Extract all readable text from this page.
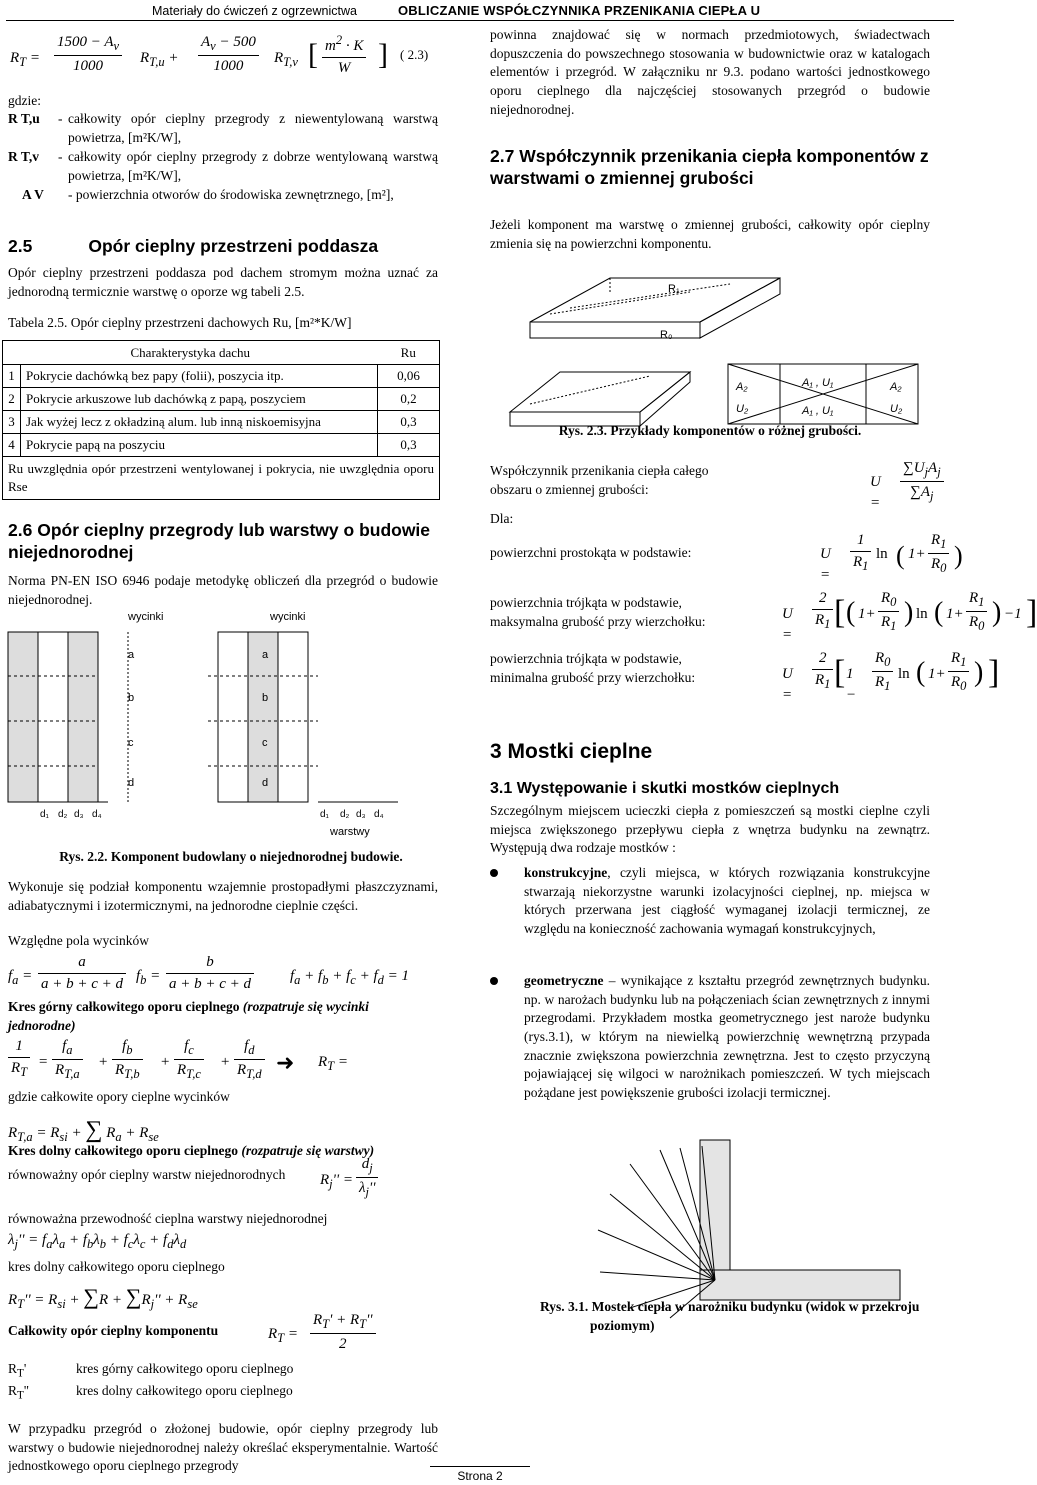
Materiały do ćwiczeń z ogrzewnictwa	OBLICZANIE WSPÓŁCZYNNIKA PRZENIKANIA CIEPŁA U
$R_T = \frac{1500 - A_v}{1000} R_{T,u} + \frac{A_v - 500}{1000} R_{T,v}$ [ $\frac{m^2 \cdot K}{W}$ ] ( 2.3)
gdzie:
R T,u - całkowity opór cieplny przegrody z niewentylowaną warstwą powietrza, [m²K/W],
R T,v - całkowity opór cieplny przegrody z dobrze wentylowaną warstwą powietrza, [m²K/W],
A V - powierzchnia otworów do środowiska zewnętrznego, [m²],
2.5	Opór cieplny przestrzeni poddasza
Opór cieplny przestrzeni poddasza pod dachem stromym można uznać za jednorodną termicznie warstwę o oporze wg tabeli 2.5.
Tabela 2.5. Opór cieplny przestrzeni dachowych Ru, [m²*K/W]
Charakterystyka dachu		Ru
1	Pokrycie dachówką bez papy (folii), poszycia itp.	0,06
2	Pokrycie arkuszowe lub dachówką z papą, poszyciem	0,2
3	Jak wyżej lecz z okładziną alum. lub inną niskoemisyjna	0,3
4	Pokrycie papą na poszyciu	0,3
Ru uwzględnia opór przestrzeni wentylowanej i pokrycia, nie uwzględnia oporu Rse		
2.6 Opór cieplny przegrody lub warstwy o budowie niejednorodnej
Norma PN-EN ISO 6946 podaje metodykę obliczeń dla przegród o budowie niejednorodnej.
wycinki	wycinki
a
b
c
d
a
b
c
d
d₁ d₂ d₃ d₄	d₁ d₂ d₃ d₄
warstwy
Rys. 2.2. Komponent budowlany o niejednorodnej budowie.
Wykonuje się podział komponentu wzajemnie prostopadłymi płaszczyznami, adiabatycznymi i izotermicznymi, na jednorodne cieplnie części.
Względne pola wycinków
$f_a = \frac{a}{a + b + c + d} f_b = \frac{b}{a + b + c + d} f_a + f_b + f_c + f_d = 1$
Kres górny całkowitego oporu cieplnego (rozpatruje się wycinki jednorodne)
$\frac{1}{R_T} = \frac{f_a}{R_{T,a}} + \frac{f_b}{R_{T,b}} + \frac{f_c}{R_{T,c}} + \frac{f_d}{R_{T,d}}$ ➜ $R_T$ =
gdzie całkowite opory cieplne wycinków
$R_{T,a} = R_{si}$ + ∑ $R_a + R_{se}$
Kres dolny całkowitego oporu cieplnego (rozpatruje się warstwy)
równoważny opór cieplny warstw niejednorodnych $R_j'' = \frac{d_j}{\lambda_j''}$
równoważna przewodność cieplna warstwy niejednorodnej
$\lambda_j'' = f_a\lambda_a + f_b\lambda_b + f_c\lambda_c + f_d\lambda_d$
kres dolny całkowitego oporu cieplnego
$R_T'' = R_{si} + \sum R + \sum R_j'' + R_{se}$
Całkowity opór cieplny komponentu	$R_T = \frac{R_T' + R_T''}{2}$
$R_T'$	kres górny całkowitego oporu cieplnego
$R_T''$	kres dolny całkowitego oporu cieplnego
W przypadku przegród o złożonej budowie, opór cieplny przegrody lub warstwy o budowie niejednorodnej należy określać eksperymentalnie. Wartość jednostkowego oporu cieplnego przegrody
powinna znajdować się w normach przedmiotowych, świadectwach dopuszczenia do powszechnego stosowania w budownictwie oraz w katalogach elementów i przegród. W załączniku nr 9.3. podano wartości jednostkowego oporu cieplnego dla najczęściej stosowanych przegród o budowie niejednorodnej.
2.7 Współczynnik przenikania ciepła komponentów z warstwami o zmiennej grubości
Jeżeli komponent ma warstwę o zmiennej grubości, całkowity opór cieplny zmienia się na powierzchni komponentu.
R₁
R₀
A₂
U₂
A₁ , U₁
A₁ , U₁
A₂
U₂
Rys. 2.3. Przykłady komponentów o różnej grubości.
Współczynnik przenikania ciepła całego obszaru o zmiennej grubości:	U =
$\sum U_jA_j$
$\sum A_j$
Dla:
powierzchni prostokąta w podstawie:	$U = \frac{1}{R_1}$ ln ( $1+ \frac{R_1}{R_0}$ )
powierzchnia trójkąta w podstawie, maksymalna grubość przy wierzchołku:	U =
$\frac{2}{R_1}$ [ ( $1+ \frac{R_0}{R_1}$ ) ln ( $1+ \frac{R_1}{R_0}$ ) −1 ]
powierzchnia trójkąta w podstawie, minimalna grubość przy wierzchołku:	U =
$\frac{2}{R_1}$ [ $1 - \frac{R_0}{R_1}$ ln ( $1+ \frac{R_1}{R_0}$ ) ]
3 Mostki cieplne
3.1 Występowanie i skutki mostków cieplnych
Szczególnym miejscem ucieczki ciepła z pomieszczeń są mostki cieplne czyli miejsca zwiększonego przepływu ciepła z wnętrza budynku na zewnątrz. Występują dwa rodzaje mostków :
konstrukcyjne, czyli miejsca, w których rozwiązania konstrukcyjne stwarzają niekorzystne warunki izolacyjności cieplnej, np. miejsca w których przerwana jest ciągłość wymaganej izolacji termicznej, ze względu na konieczność zachowania wymagań konstrukcyjnych,
geometryczne – wynikające z kształtu przegród zewnętrznych budynku. np. w narożach budynku lub na połączeniach ścian zewnętrznych z innymi przegrodami. Przykładem mostka geometrycznego jest naroże budynku (rys.3.1), w którym na niewielką powierzchnię wewnętrzną przypada znacznie zwiększona powierzchnia zewnętrzna. Jest to często przyczyną pojawiającej się wilgoci w narożnikach pomieszczeń. W tych miejscach pożądane jest powiększenie grubości izolacji termicznej.
Rys. 3.1. Mostek ciepła w narożniku budynku (widok w przekroju poziomym)
Strona 2
